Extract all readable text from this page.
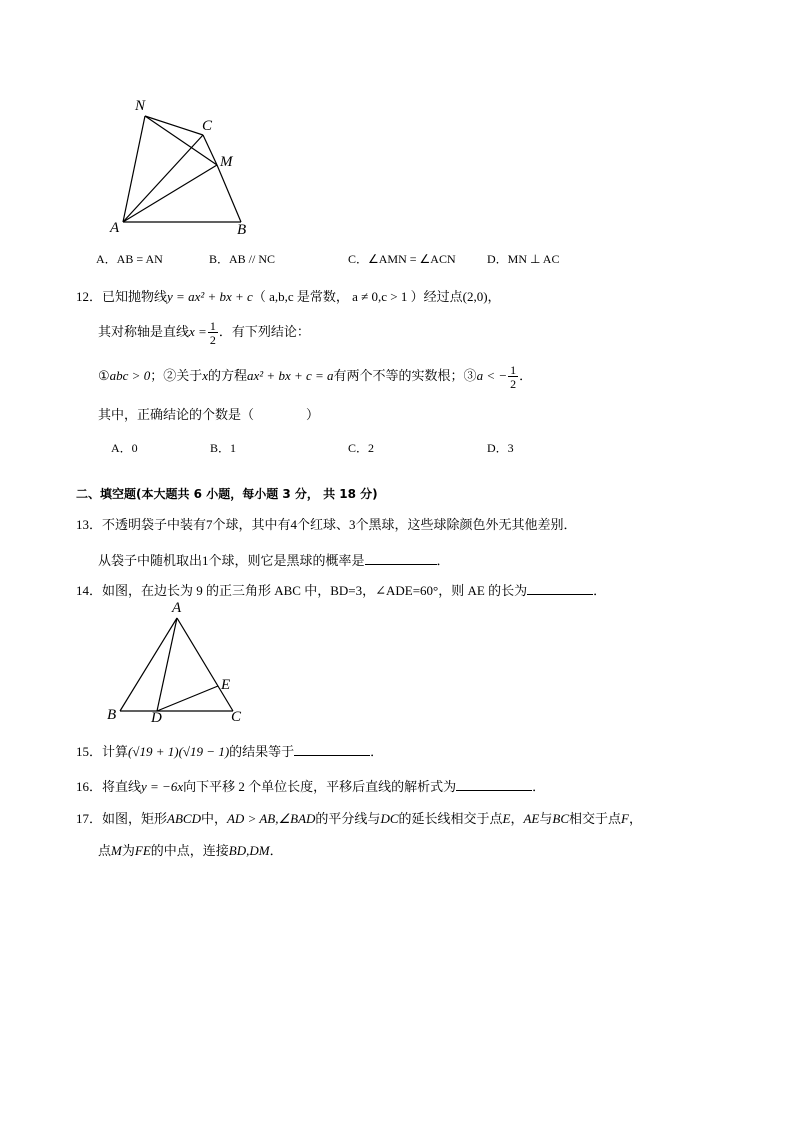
N
C
M
A	B
A．AB = AN	B．AB // NC	C．∠AMN = ∠ACN	D．MN ⊥ AC
12．已知抛物线y = ax² + bx + c（ a,b,c 是常数， a ≠ 0,c > 1 ）经过点(2,0)，
其对称轴是直线$x = \frac{1}{2}$ ．有下列结论：
①abc > 0；②关于x的方程ax² + bx + c = a有两个不等的实数根；③a < − $\frac{1}{2}$ ．
其中，正确结论的个数是（　　　　）
A．0	B．1	C．2	D．3
二、填空题(本大题共 6 小题，每小题 3 分， 共 18 分)
13．不透明袋子中装有7个球，其中有4个红球、3个黑球，这些球除颜色外无其他差别．
从袋子中随机取出1个球，则它是黑球的概率是	．
14．如图，在边长为 9 的正三角形 ABC 中，BD=3，∠ADE=60°，则 AE 的长为	．
A
B	C
D
E
15．计算(√19 + 1)(√19 − 1)的结果等于	．
16．将直线y = −6x向下平移 2 个单位长度，平移后直线的解析式为	．
17．如图，矩形ABCD中，AD > AB,∠BAD的平分线与DC的延长线相交于点E，AE与BC相交于点F，
点M为FE的中点，连接BD,DM．
